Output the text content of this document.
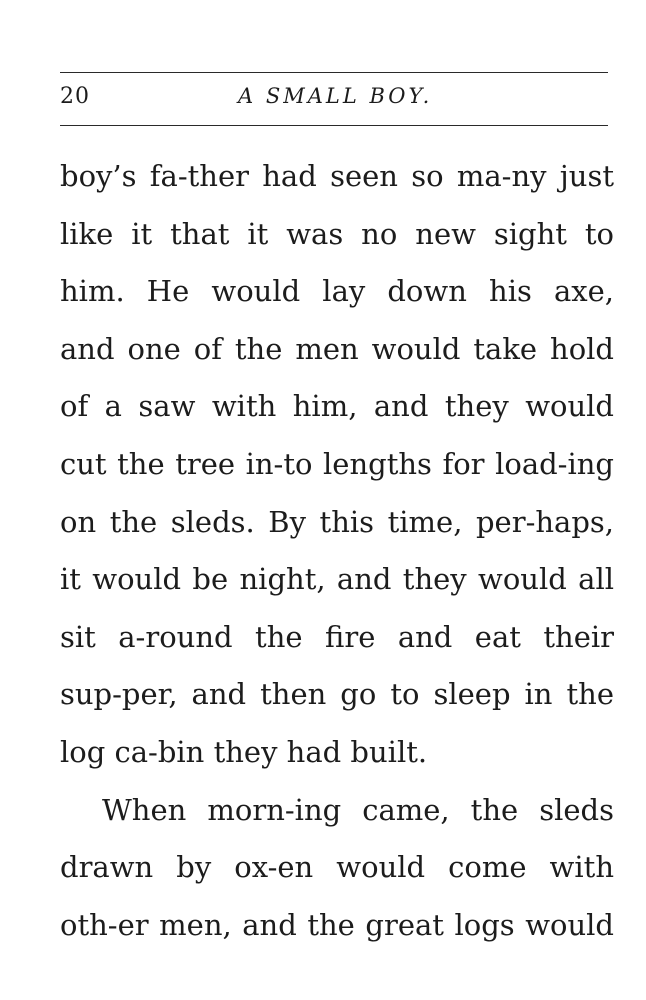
20	A SMALL BOY.
boy’s fa-ther had seen so ma-ny just
like it that it was no new sight to
him. He would lay down his axe,
and one of the men would take hold
of a saw with him, and they would
cut the tree in-to lengths for load-ing
on the sleds. By this time, per-haps,
it would be night, and they would all
sit a-round the fire and eat their
sup-per, and then go to sleep in the
log ca-bin they had built.
When morn-ing came, the sleds
drawn by ox-en would come with
oth-er men, and the great logs would
